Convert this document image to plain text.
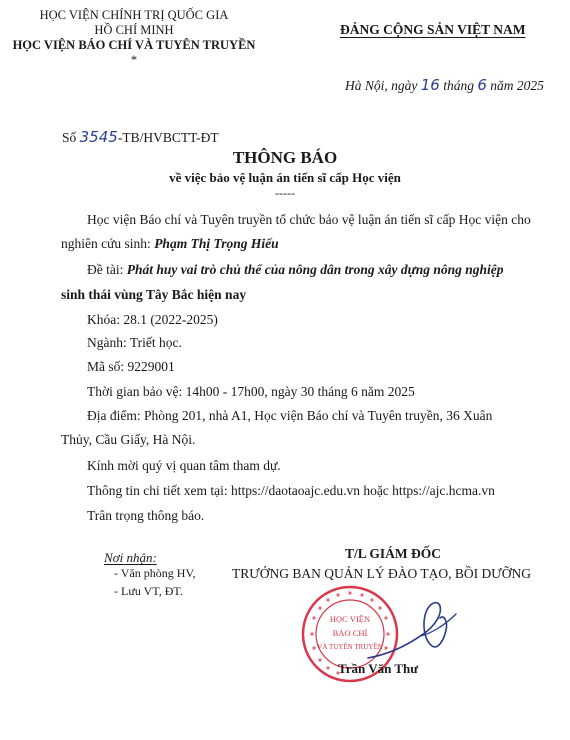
HỌC VIỆN CHÍNH TRỊ QUỐC GIA
HỒ CHÍ MINH
HỌC VIỆN BÁO CHÍ VÀ TUYÊN TRUYỀN
*
ĐẢNG CỘNG SẢN VIỆT NAM
Hà Nội, ngày 16 tháng 6 năm 2025
Số 3545-TB/HVBCTT-ĐT
THÔNG BÁO
về việc bảo vệ luận án tiến sĩ cấp Học viện
-----
Học viện Báo chí và Tuyên truyền tổ chức bảo vệ luận án tiến sĩ cấp Học viện cho
nghiên cứu sinh: Phạm Thị Trọng Hiếu
Đề tài: Phát huy vai trò chủ thể của nông dân trong xây dựng nông nghiệp
sinh thái vùng Tây Bắc hiện nay
Khóa: 28.1 (2022-2025)
Ngành: Triết học.
Mã số: 9229001
Thời gian bảo vệ: 14h00 - 17h00, ngày 30 tháng 6 năm 2025
Địa điểm: Phòng 201, nhà A1, Học viện Báo chí và Tuyên truyền, 36 Xuân
Thủy, Cầu Giấy, Hà Nội.
Kính mời quý vị quan tâm tham dự.
Thông tin chi tiết xem tại: https://daotaoajc.edu.vn hoặc https://ajc.hcma.vn
Trân trọng thông báo.
Nơi nhận:
- Văn phòng HV,
- Lưu VT, ĐT.
T/L GIÁM ĐỐC
TRƯỞNG BAN QUẢN LÝ ĐÀO TẠO, BỒI DƯỠNG
HỌC VIỆN
BÁO CHÍ
VÀ TUYÊN TRUYỀN
Trần Văn Thư
